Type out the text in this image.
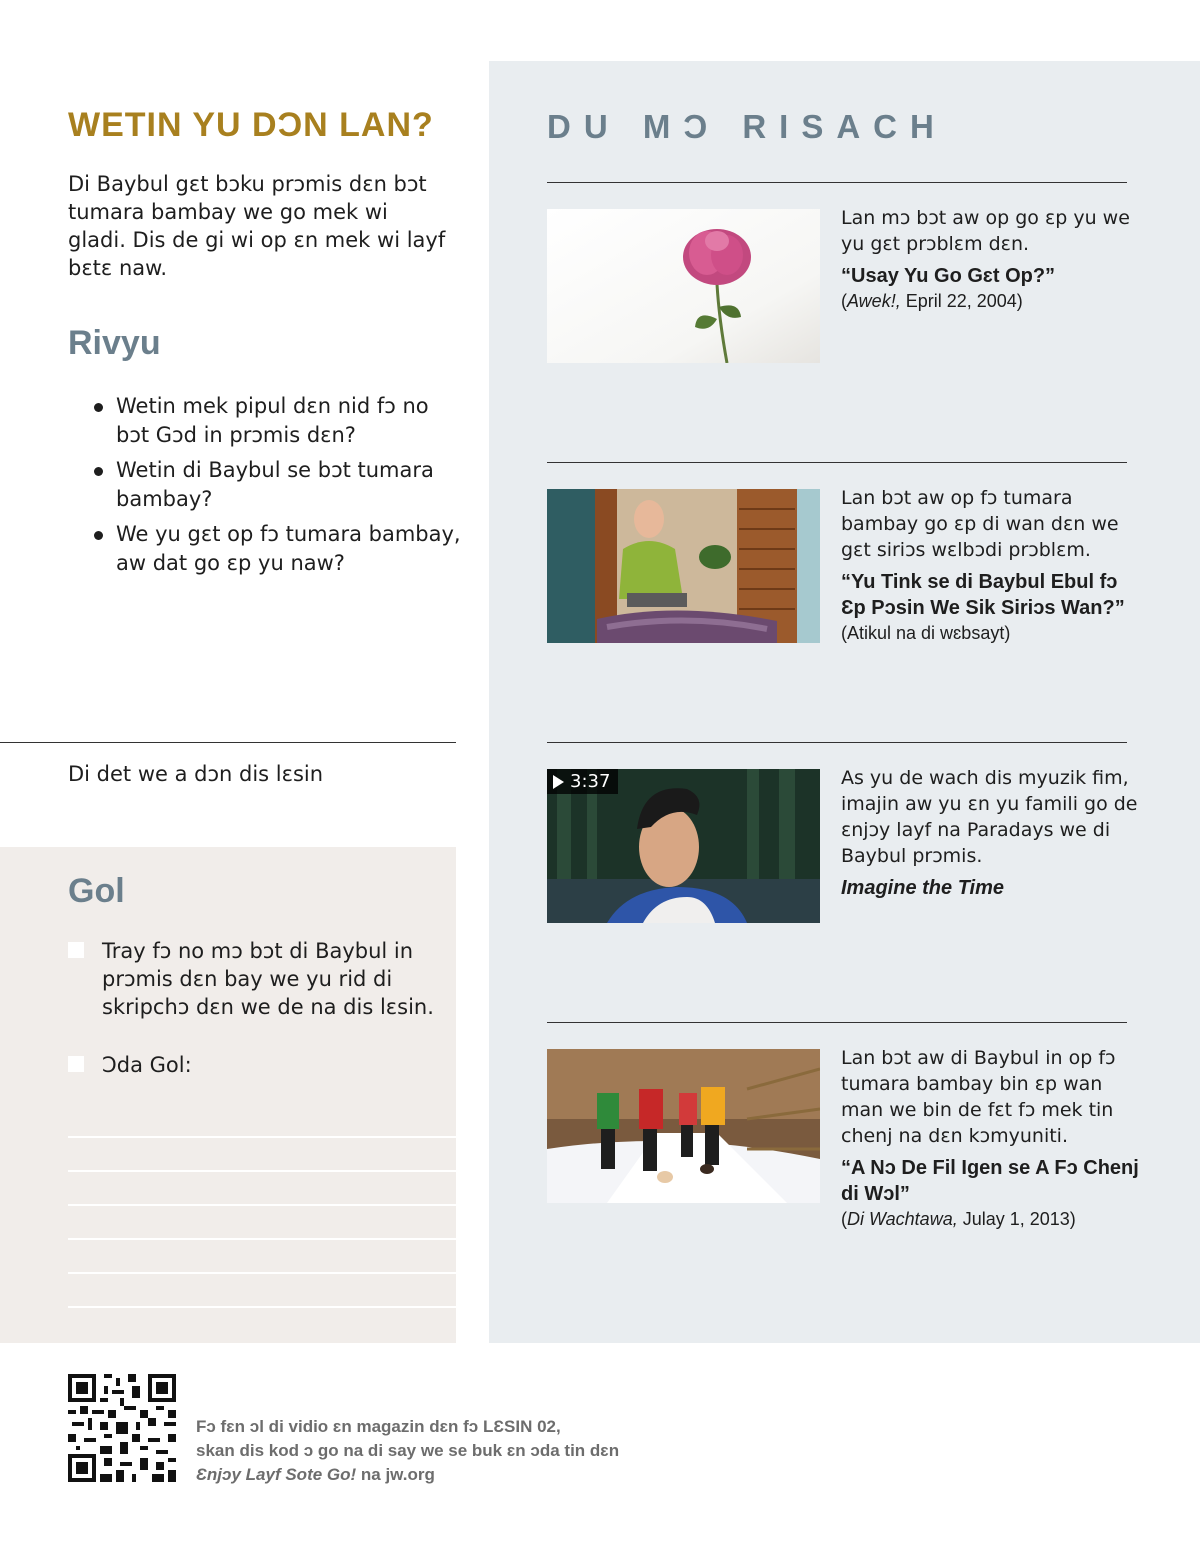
WETIN YU DƆN LAN?

Di Baybul gɛt bɔku prɔmis dɛn bɔt tumara bambay we go mek wi gladi. Dis de gi wi op ɛn mek wi layf bɛtɛ naw.

Rivyu
Wetin mek pipul dɛn nid fɔ no bɔt Gɔd in prɔmis dɛn?
Wetin di Baybul se bɔt tumara bambay?
We yu gɛt op fɔ tumara bambay, aw dat go ɛp yu naw?
Di det we a dɔn dis lɛsin
Gol
Tray fɔ no mɔ bɔt di Baybul in prɔmis dɛn bay we yu rid di skripchɔ dɛn we de na dis lɛsin.
Ɔda Gol:
DU MƆ RISACH

Lan mɔ bɔt aw op go ɛp yu we yu gɛt prɔblɛm dɛn.

“Usay Yu Go Gɛt Op?”

(Awek!, Epril 22, 2004)

Lan bɔt aw op fɔ tumara bambay go ɛp di wan dɛn we gɛt siriɔs wɛlbɔdi prɔblɛm.

“Yu Tink se di Baybul Ebul fɔ Ɛp Pɔsin We Sik Siriɔs Wan?”

(Atikul na di wɛbsayt)

3:37	As yu de wach dis myuzik fim, imajin aw yu ɛn yu famili go de ɛnjɔy layf na Paradays we di Baybul prɔmis.

Imagine the Time

Lan bɔt aw di Baybul in op fɔ tumara bambay bin ɛp wan man we bin de fɛt fɔ mek tin chenj na dɛn kɔmyuniti.

“A Nɔ De Fil Igen se A Fɔ Chenj di Wɔl”

(Di Wachtawa, Julay 1, 2013)

Fɔ fɛn ɔl di vidio ɛn magazin dɛn fɔ LƐSIN 02,
skan dis kod ɔ go na di say we se buk ɛn ɔda tin dɛn
Ɛnjɔy Layf Sote Go! na jw.org
